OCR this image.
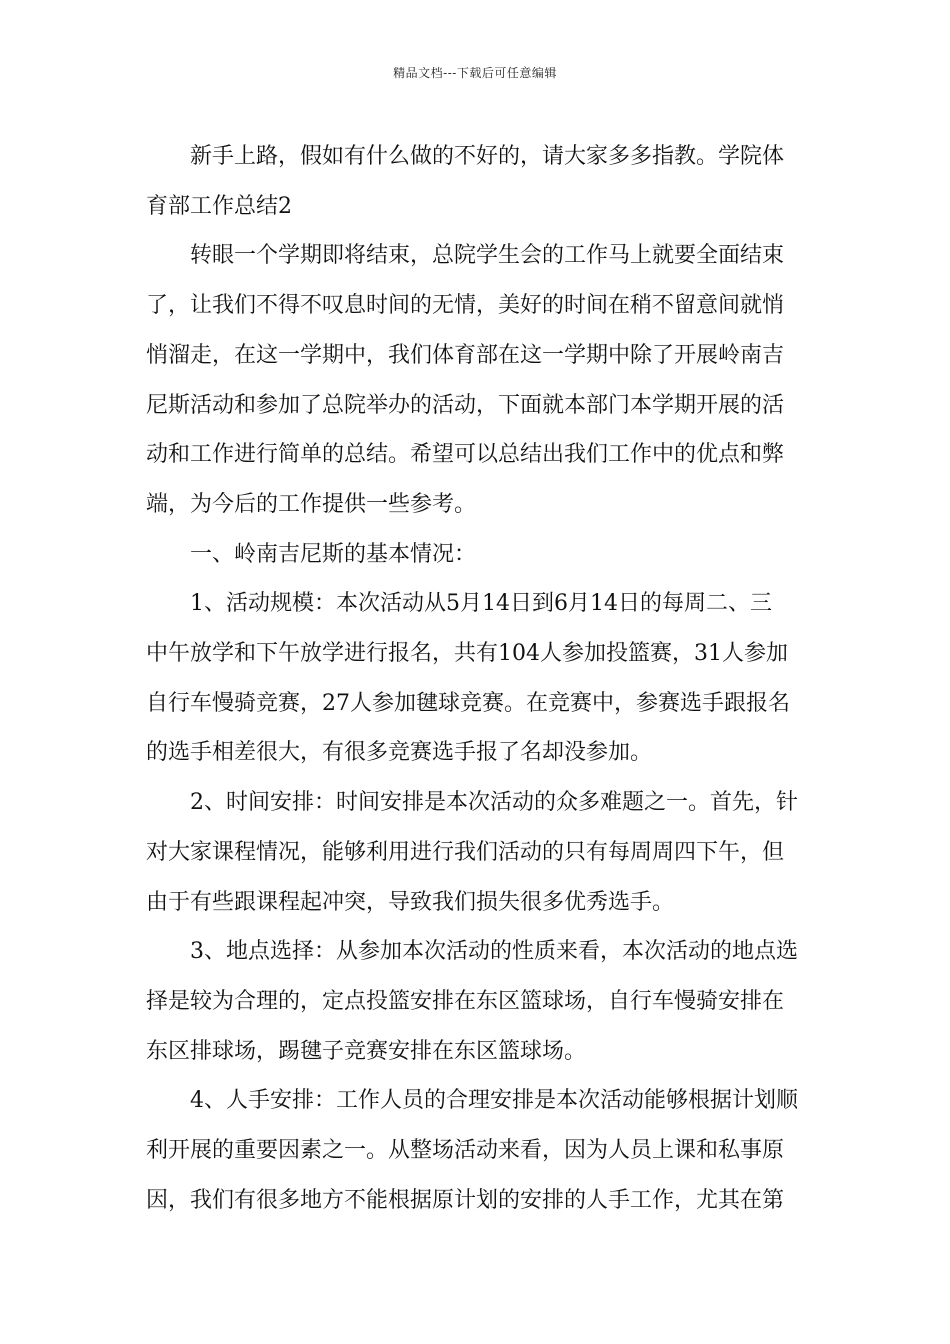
精品文档---下载后可任意编辑

新手上路，假如有什么做的不好的，请大家多多指教。学院体
育部工作总结2

转眼一个学期即将结束，总院学生会的工作马上就要全面结束
了，让我们不得不叹息时间的无情，美好的时间在稍不留意间就悄
悄溜走，在这一学期中，我们体育部在这一学期中除了开展岭南吉
尼斯活动和参加了总院举办的活动，下面就本部门本学期开展的活
动和工作进行简单的总结。希望可以总结出我们工作中的优点和弊
端，为今后的工作提供一些参考。

一、岭南吉尼斯的基本情况：

1、活动规模：本次活动从5月14日到6月14日的每周二、三
中午放学和下午放学进行报名，共有104人参加投篮赛，31人参加
自行车慢骑竞赛，27人参加毽球竞赛。在竞赛中，参赛选手跟报名
的选手相差很大，有很多竞赛选手报了名却没参加。

2、时间安排：时间安排是本次活动的众多难题之一。首先，针
对大家课程情况，能够利用进行我们活动的只有每周周四下午，但
由于有些跟课程起冲突，导致我们损失很多优秀选手。

3、地点选择：从参加本次活动的性质来看，本次活动的地点选
择是较为合理的，定点投篮安排在东区篮球场，自行车慢骑安排在
东区排球场，踢毽子竞赛安排在东区篮球场。

4、人手安排：工作人员的合理安排是本次活动能够根据计划顺
利开展的重要因素之一。从整场活动来看，因为人员上课和私事原
因，我们有很多地方不能根据原计划的安排的人手工作，尤其在第
